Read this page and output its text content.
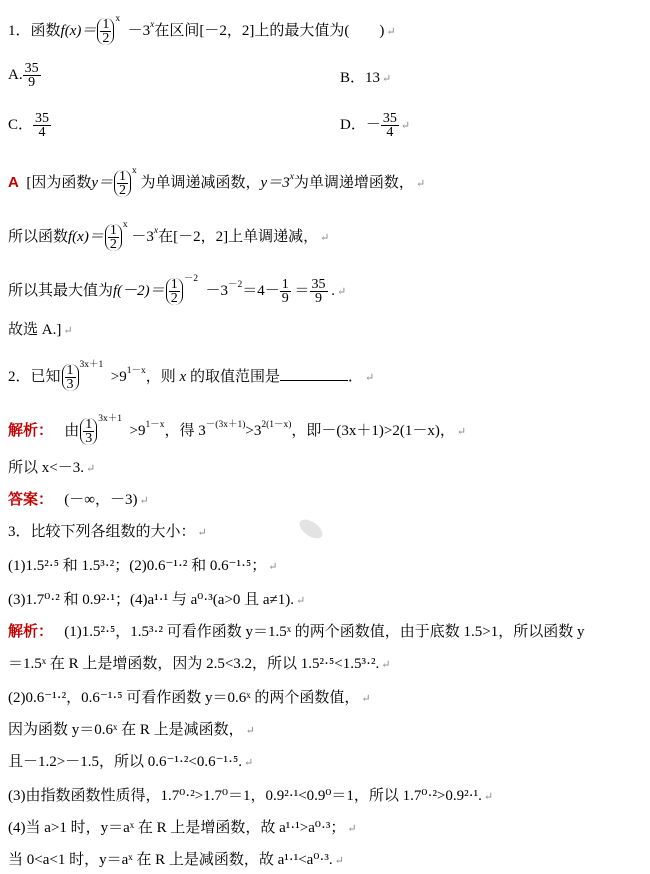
1．函数$f(x)= \frac{1}{2} ^x -3^x$在区间[－2，2]上的最大值为(　　) ↵
A. $\frac{35}{9}$	B．13 ↵
C． $\frac{35}{4}$	D．－ $\frac{35}{4}$ ↵
A [因为函数$y= \frac{1}{2} ^x$ 为单调递减函数，$y=3^x$为单调递增函数， ↵
所以函数$f(x)= \frac{1}{2} ^x -3^x$在[－2，2]上单调递减， ↵
所以其最大值为$f(-2)= \frac{1}{2} ^{-2} -3^{-2}=4- \frac{1}{9} = \frac{35}{9}$ . ↵
故选 A.] ↵
2．已知 $\frac{1}{3} ^{3x+1} >9^{1-x}$，则 x 的取值范围是	． ↵
解析： 由 $\frac{1}{3} ^{3x+1} >9^{1-x}$，得 $3^{-(3x+1)}>3^{2(1-x)}$，即－(3x＋1)>2(1－x)， ↵
所以 x<－3. ↵
答案： (－∞，－3) ↵
3．比较下列各组数的大小： ↵
(1)1.5²·⁵ 和 1.5³·²；(2)0.6⁻¹·² 和 0.6⁻¹·⁵； ↵
(3)1.7⁰·² 和 0.9²·¹；(4)a¹·¹ 与 a⁰·³(a>0 且 a≠1). ↵
解析： (1)1.5²·⁵，1.5³·² 可看作函数 y＝1.5ˣ 的两个函数值，由于底数 1.5>1，所以函数 y
＝1.5ˣ 在 R 上是增函数，因为 2.5<3.2，所以 1.5²·⁵<1.5³·². ↵
(2)0.6⁻¹·²，0.6⁻¹·⁵ 可看作函数 y＝0.6ˣ 的两个函数值， ↵
因为函数 y＝0.6ˣ 在 R 上是减函数， ↵
且－1.2>－1.5，所以 0.6⁻¹·²<0.6⁻¹·⁵. ↵
(3)由指数函数性质得，1.7⁰·²>1.7⁰＝1，0.9²·¹<0.9⁰＝1，所以 1.7⁰·²>0.9²·¹. ↵
(4)当 a>1 时，y＝aˣ 在 R 上是增函数，故 a¹·¹>a⁰·³； ↵
当 0<a<1 时，y＝aˣ 在 R 上是减函数，故 a¹·¹<a⁰·³. ↵
